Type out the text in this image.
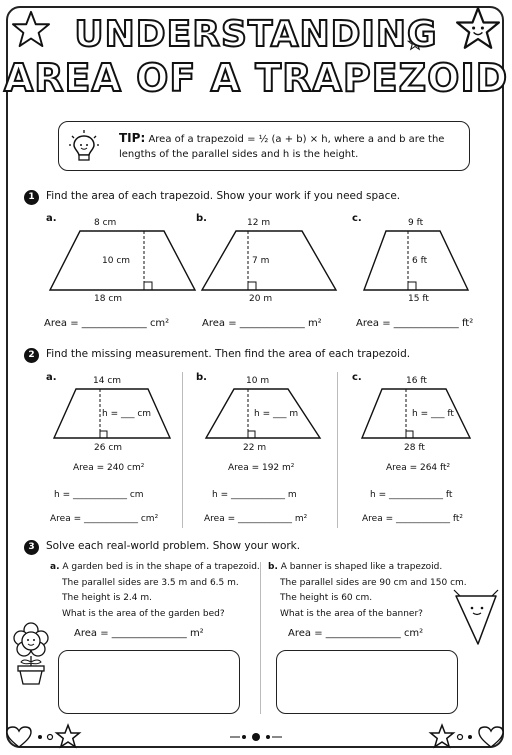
UNDERSTANDING
AREA OF A TRAPEZOID
TIP: Area of a trapezoid = ½ (a + b) × h, where a and b are the lengths of the parallel sides and h is the height.
1	Find the area of each trapezoid. Show your work if you need space.
a.	8 cm
10 cm
18 cm
Area = _____________ cm²
b.	12 m
7 m
20 m
Area = _____________ m²
c.	9 ft
6 ft
15 ft
Area = _____________ ft²
2	Find the missing measurement. Then find the area of each trapezoid.
a.	14 cm
h = ___ cm
26 cm
Area = 240 cm²
h = ____________ cm
Area = ____________ cm²
b.	10 m
h = ___ m
22 m
Area = 192 m²
h = ____________ m
Area = ____________ m²
c.	16 ft
h = ___ ft
28 ft
Area = 264 ft²
h = ____________ ft
Area = ____________ ft²
3	Solve each real-world problem. Show your work.
a. A garden bed is in the shape of a trapezoid.
The parallel sides are 3.5 m and 6.5 m.
The height is 2.4 m.
What is the area of the garden bed?
Area = _______________ m²
b. A banner is shaped like a trapezoid.
The parallel sides are 90 cm and 150 cm.
The height is 60 cm.
What is the area of the banner?
Area = _______________ cm²
